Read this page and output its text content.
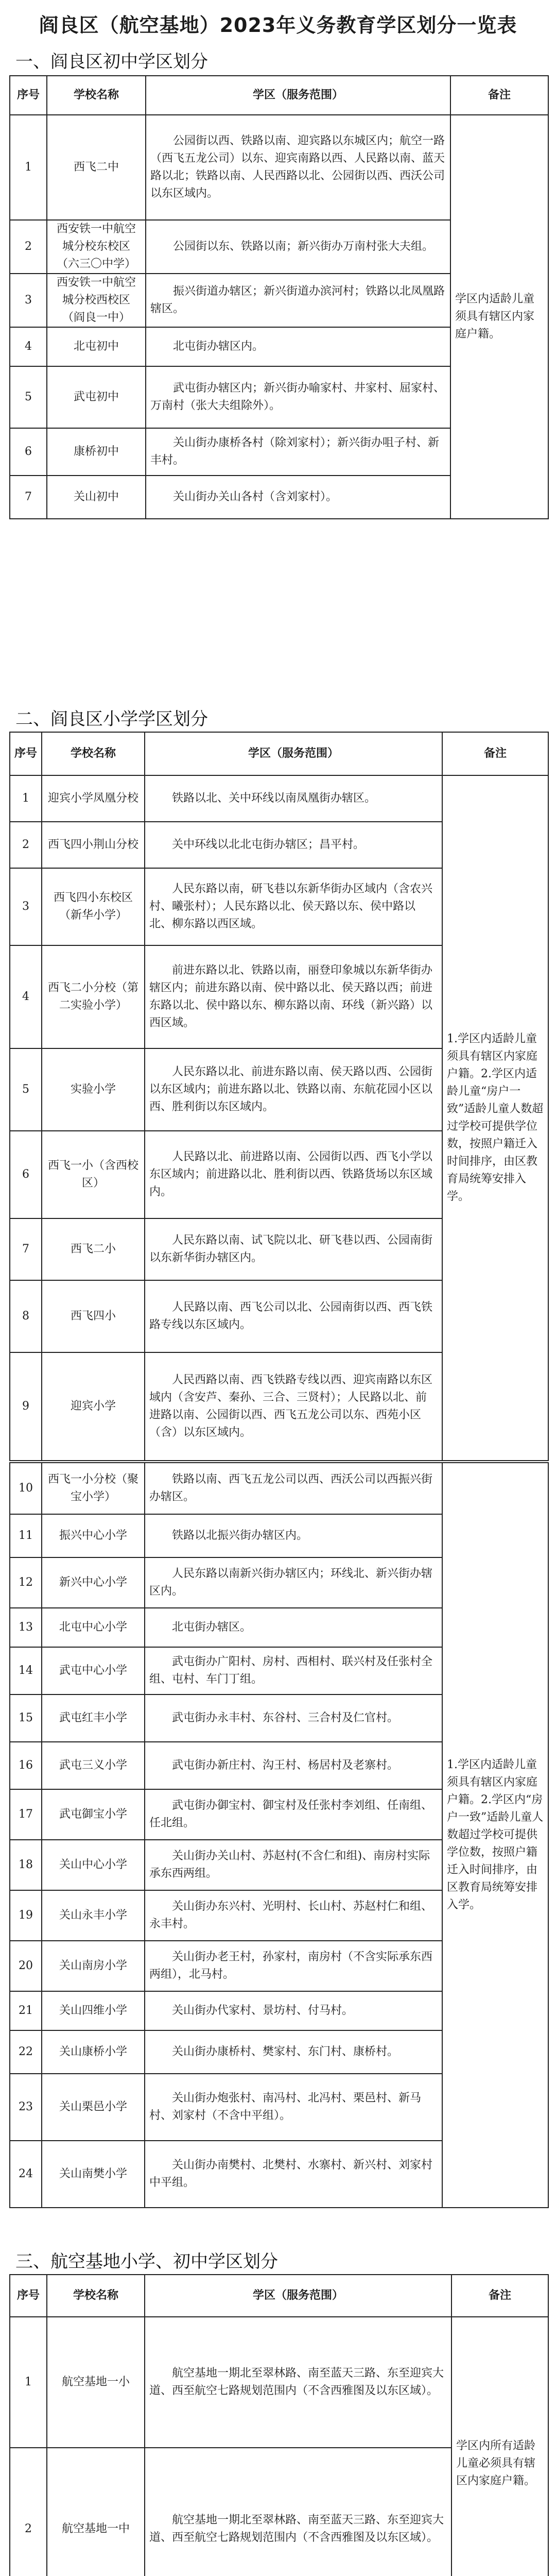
阎良区（航空基地）2023年义务教育学区划分一览表
一、阎良区初中学区划分
序号	学校名称	学区（服务范围）	备注
1	西飞二中	公园街以西、铁路以南、迎宾路以东城区内；航空一路（西飞五龙公司）以东、迎宾南路以西、人民路以南、蓝天路以北；铁路以南、人民西路以北、公园街以西、西沃公司以东区域内。	学区内适龄儿童须具有辖区内家庭户籍。
2	西安铁一中航空城分校东校区（六三〇中学）	公园街以东、铁路以南；新兴街办万南村张大夫组。	
3	西安铁一中航空城分校西校区（阎良一中）	振兴街道办辖区；新兴街道办滨河村；铁路以北凤凰路辖区。	
4	北屯初中	北屯街办辖区内。	
5	武屯初中	武屯街办辖区内；新兴街办喻家村、井家村、屈家村、万南村（张大夫组除外）。	
6	康桥初中	关山街办康桥各村（除刘家村）；新兴街办咀子村、新丰村。	
7	关山初中	关山街办关山各村（含刘家村）。	
二、阎良区小学学区划分
序号	学校名称	学区（服务范围）	备注
1	迎宾小学凤凰分校	铁路以北、关中环线以南凤凰街办辖区。	1.学区内适龄儿童须具有辖区内家庭户籍。2.学区内适龄儿童“房户一致”适龄儿童人数超过学校可提供学位数，按照户籍迁入时间排序，由区教育局统筹安排入学。
2	西飞四小荆山分校	关中环线以北北屯街办辖区；昌平村。	
3	西飞四小东校区（新华小学）	人民东路以南，研飞巷以东新华街办区域内（含农兴村、曦张村）；人民东路以北、侯天路以东、侯中路以北、柳东路以西区域。	
4	西飞二小分校（第二实验小学）	前进东路以北、铁路以南，丽登印象城以东新华街办辖区内；前进东路以南、侯中路以北、侯天路以西；前进东路以北、侯中路以东、柳东路以南、环线（新兴路）以西区域。	
5	实验小学	人民东路以北、前进东路以南、侯天路以西、公园街以东区域内；前进东路以北、铁路以南、东航花园小区以西、胜利街以东区域内。	
6	西飞一小（含西校区）	人民路以北、前进路以南、公园街以西、西飞小学以东区域内；前进路以北、胜利街以西、铁路货场以东区域内。	
7	西飞二小	人民东路以南、试飞院以北、研飞巷以西、公园南街以东新华街办辖区内。	
8	西飞四小	人民路以南、西飞公司以北、公园南街以西、西飞铁路专线以东区域内。	
9	迎宾小学	人民西路以南、西飞铁路专线以西、迎宾南路以东区域内（含安芦、秦孙、三合、三贤村）；人民路以北、前进路以南、公园街以西、西飞五龙公司以东、西苑小区（含）以东区域内。	
10	西飞一小分校（聚宝小学）	铁路以南、西飞五龙公司以西、西沃公司以西振兴街办辖区。	1.学区内适龄儿童须具有辖区内家庭户籍。2.学区内“房户一致”适龄儿童人数超过学校可提供学位数，按照户籍迁入时间排序，由区教育局统筹安排入学。
11	振兴中心小学	铁路以北振兴街办辖区内。	
12	新兴中心小学	人民东路以南新兴街办辖区内；环线北、新兴街办辖区内。	
13	北屯中心小学	北屯街办辖区。	
14	武屯中心小学	武屯街办广阳村、房村、西相村、联兴村及任张村全组、屯村、车门丁组。	
15	武屯红丰小学	武屯街办永丰村、东谷村、三合村及仁官村。	
16	武屯三义小学	武屯街办新庄村、沟王村、杨居村及老寨村。	
17	武屯御宝小学	武屯街办御宝村、御宝村及任张村李刘组、任南组、任北组。	
18	关山中心小学	关山街办关山村、苏赵村(不含仁和组)、南房村实际承东西两组。	
19	关山永丰小学	关山街办东兴村、光明村、长山村、苏赵村仁和组、永丰村。	
20	关山南房小学	关山街办老王村，孙家村，南房村（不含实际承东西两组），北马村。	
21	关山四维小学	关山街办代家村、景坊村、付马村。	
22	关山康桥小学	关山街办康桥村、樊家村、东门村、康桥村。	
23	关山栗邑小学	关山街办炮张村、南冯村、北冯村、栗邑村、新马村、刘家村（不含中平组）。	
24	关山南樊小学	关山街办南樊村、北樊村、水寨村、新兴村、刘家村中平组。	
三、航空基地小学、初中学区划分
序号	学校名称	学区（服务范围）	备注
1	航空基地一小	航空基地一期北至翠林路、南至蓝天三路、东至迎宾大道、西至航空七路规划范围内（不含西雅图及以东区域）。	学区内所有适龄儿童必须具有辖区内家庭户籍。
2	航空基地一中	航空基地一期北至翠林路、南至蓝天三路、东至迎宾大道、西至航空七路规划范围内（不含西雅图及以东区域）。	
